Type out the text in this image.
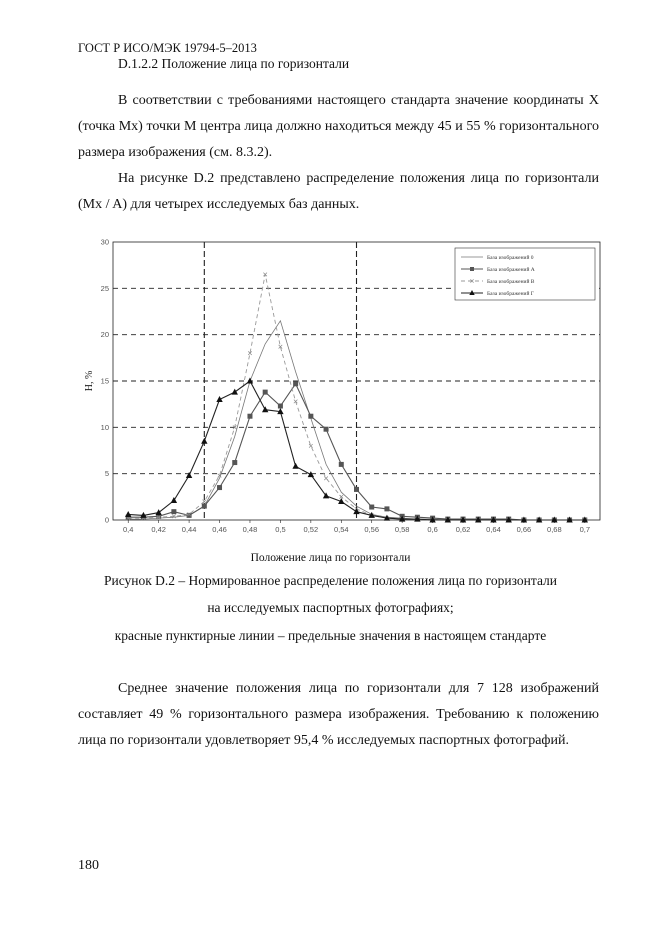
ГОСТ Р ИСО/МЭК 19794-5–2013
D.1.2.2 Положение лица по горизонтали

В соответствии с требованиями настоящего стандарта значение координаты X (точка Mx) точки M центра лица должно находиться между 45 и 55 % горизонтального размера изображения (см. 8.3.2).

На рисунке D.2 представлено распределение положения лица по горизонтали (Mx / A) для четырех исследуемых баз данных.

0
5
10
15
20
25
30
0,4 0,42 0,44 0,46 0,48 0,5 0,52 0,54 0,56 0,58 0,6 0,62 0,64 0,66 0,68 0,7
База изображений 0
База изображений А
База изображений В
База изображений Г
Н, %
Положение лица по горизонтали
Рисунок D.2 – Нормированное распределение положения лица по горизонтали
на исследуемых паспортных фотографиях;
красные пунктирные линии – предельные значения в настоящем стандарте

Среднее значение положения лица по горизонтали для 7 128 изображений составляет 49 % горизонтального размера изображения. Требованию к положению лица по горизонтали удовлетворяет 95,4 % исследуемых паспортных фотографий.

180
